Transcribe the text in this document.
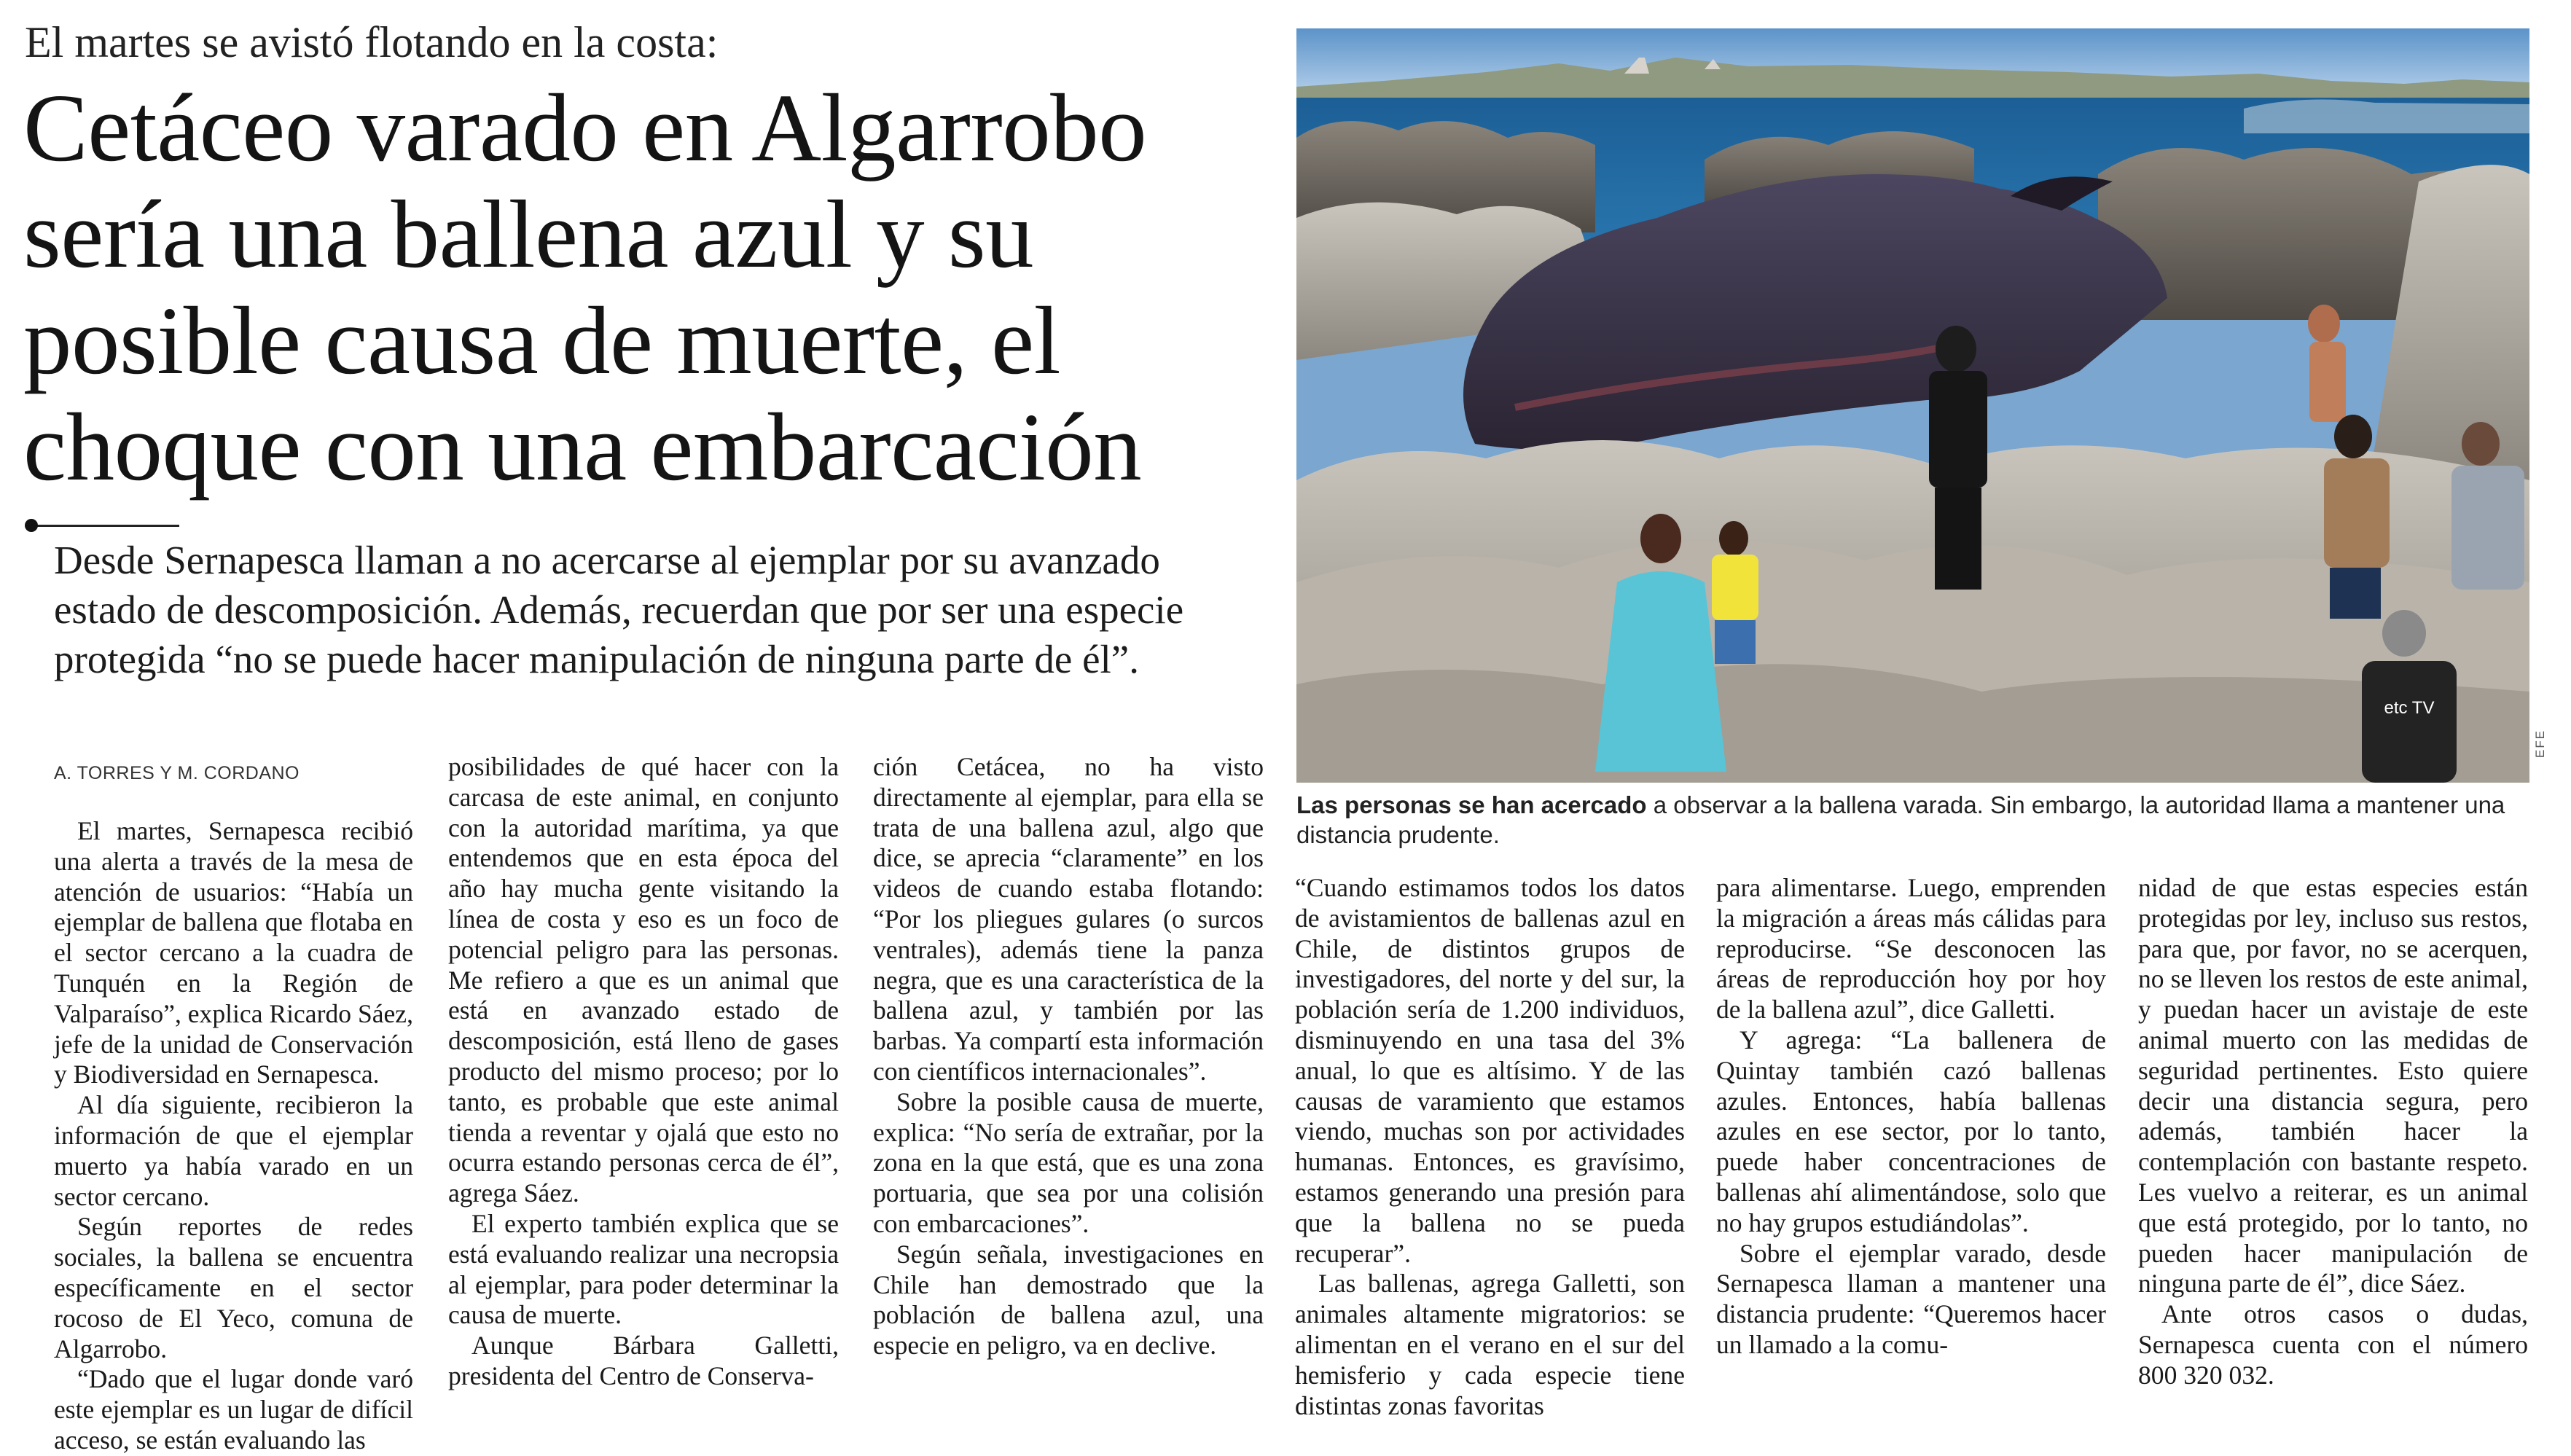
El martes se avistó flotando en la costa:
Cetáceo varado en Algarrobo sería una ballena azul y su posible causa de muerte, el choque con una embarcación
Desde Sernapesca llaman a no acercarse al ejemplar por su avanzado estado de descomposición. Además, recuerdan que por ser una especie protegida “no se puede hacer manipulación de ninguna parte de él”.
A. TORRES Y M. CORDANO

El martes, Sernapesca recibió una alerta a través de la mesa de atención de usuarios: “Había un ejemplar de ballena que flotaba en el sector cercano a la cuadra de Tunquén en la Región de Valparaíso”, explica Ricardo Sáez, jefe de la unidad de Conservación y Biodiversidad en Sernapesca.

Al día siguiente, recibieron la información de que el ejemplar muerto ya había varado en un sector cercano.

Según reportes de redes sociales, la ballena se encuentra específicamente en el sector rocoso de El Yeco, comuna de Algarrobo.

“Dado que el lugar donde varó este ejemplar es un lugar de difícil acceso, se están evaluando las

posibilidades de qué hacer con la carcasa de este animal, en conjunto con la autoridad marítima, ya que entendemos que en esta época del año hay mucha gente visitando la línea de costa y eso es un foco de potencial peligro para las personas. Me refiero a que es un animal que está en avanzado estado de descomposición, está lleno de gases producto del mismo proceso; por lo tanto, es probable que este animal tienda a reventar y ojalá que esto no ocurra estando personas cerca de él”, agrega Sáez.

El experto también explica que se está evaluando realizar una necropsia al ejemplar, para poder determinar la causa de muerte.

Aunque Bárbara Galletti, presidenta del Centro de Conserva-

ción Cetácea, no ha visto directamente al ejemplar, para ella se trata de una ballena azul, algo que dice, se aprecia “claramente” en los videos de cuando estaba flotando: “Por los pliegues gulares (o surcos ventrales), además tiene la panza negra, que es una característica de la ballena azul, y también por las barbas. Ya compartí esta información con científicos internacionales”.

Sobre la posible causa de muerte, explica: “No sería de extrañar, por la zona en la que está, que es una zona portuaria, que sea por una colisión con embarcaciones”.

Según señala, investigaciones en Chile han demostrado que la población de ballena azul, una especie en peligro, va en declive.

etc TV
EFE
Las personas se han acercado a observar a la ballena varada. Sin embargo, la autoridad llama a mantener una distancia prudente.

“Cuando estimamos todos los datos de avistamientos de ballenas azul en Chile, de distintos grupos de investigadores, del norte y del sur, la población sería de 1.200 individuos, disminuyendo en una tasa del 3% anual, lo que es altísimo. Y de las causas de varamiento que estamos viendo, muchas son por actividades humanas. Entonces, es gravísimo, estamos generando una presión para que la ballena no se pueda recuperar”.

Las ballenas, agrega Galletti, son animales altamente migratorios: se alimentan en el verano en el sur del hemisferio y cada especie tiene distintas zonas favoritas

para alimentarse. Luego, emprenden la migración a áreas más cálidas para reproducirse. “Se desconocen las áreas de reproducción hoy por hoy de la ballena azul”, dice Galletti.

Y agrega: “La ballenera de Quintay también cazó ballenas azules. Entonces, había ballenas azules en ese sector, por lo tanto, puede haber concentraciones de ballenas ahí alimentándose, solo que no hay grupos estudiándolas”.

Sobre el ejemplar varado, desde Sernapesca llaman a mantener una distancia prudente: “Queremos hacer un llamado a la comu-

nidad de que estas especies están protegidas por ley, incluso sus restos, para que, por favor, no se acerquen, no se lleven los restos de este animal, y puedan hacer un avistaje de este animal muerto con las medidas de seguridad pertinentes. Esto quiere decir una distancia segura, pero además, también hacer la contemplación con bastante respeto. Les vuelvo a reiterar, es un animal que está protegido, por lo tanto, no pueden hacer manipulación de ninguna parte de él”, dice Sáez.

Ante otros casos o dudas, Sernapesca cuenta con el número 800 320 032.
